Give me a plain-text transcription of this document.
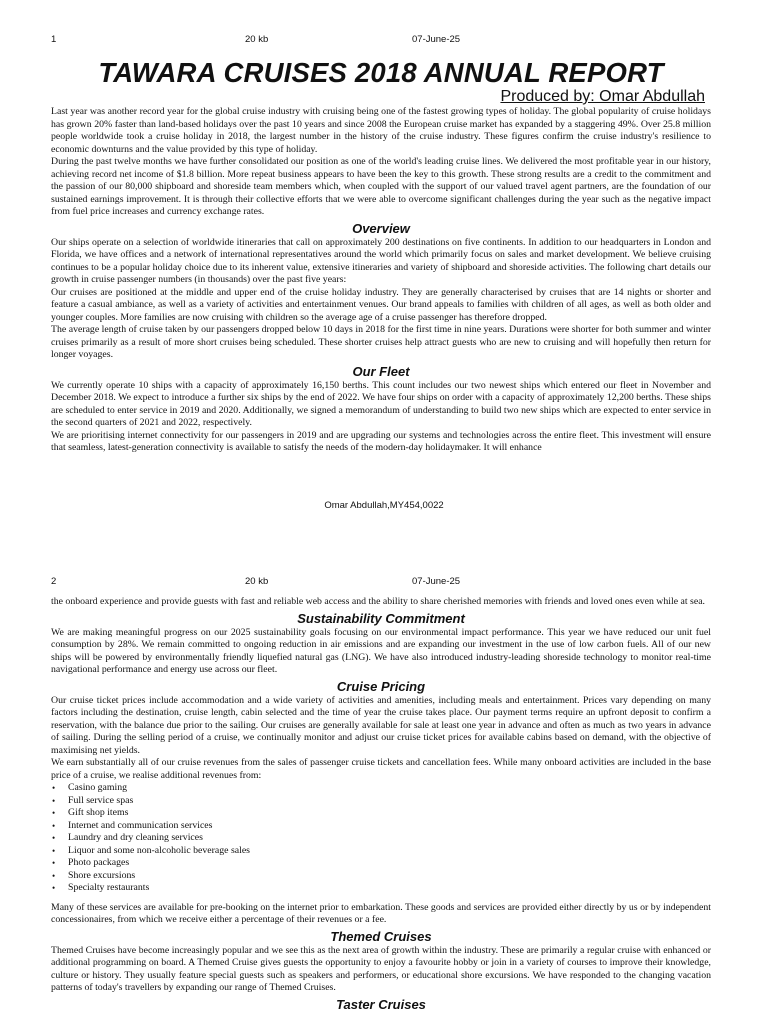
1	20 kb	07-June-25
TAWARA CRUISES 2018 ANNUAL REPORT
Produced by: Omar Abdullah

Last year was another record year for the global cruise industry with cruising being one of the fastest growing types of holiday. The global popularity of cruise holidays has grown 20% faster than land-based holidays over the past 10 years and since 2008 the European cruise market has expanded by a staggering 49%. Over 25.8 million people worldwide took a cruise holiday in 2018, the largest number in the history of the cruise industry. These figures confirm the cruise industry's resilience to economic downturns and the value provided by this type of holiday.

During the past twelve months we have further consolidated our position as one of the world's leading cruise lines. We delivered the most profitable year in our history, achieving record net income of $1.8 billion. More repeat business appears to have been the key to this growth. These strong results are a credit to the commitment and the passion of our 80,000 shipboard and shoreside team members which, when coupled with the support of our valued travel agent partners, are the foundation of our sustained earnings improvement. It is through their collective efforts that we were able to overcome significant challenges during the year such as the negative impact from fuel price increases and currency exchange rates.

Overview

Our ships operate on a selection of worldwide itineraries that call on approximately 200 destinations on five continents. In addition to our headquarters in London and Florida, we have offices and a network of international representatives around the world which primarily focus on sales and market development. We believe cruising continues to be a popular holiday choice due to its inherent value, extensive itineraries and variety of shipboard and shoreside activities. The following chart details our growth in cruise passenger numbers (in thousands) over the past five years:

Our cruises are positioned at the middle and upper end of the cruise holiday industry. They are generally characterised by cruises that are 14 nights or shorter and feature a casual ambiance, as well as a variety of activities and entertainment venues. Our brand appeals to families with children of all ages, as well as both older and younger couples. More families are now cruising with children so the average age of a cruise passenger has therefore dropped.

The average length of cruise taken by our passengers dropped below 10 days in 2018 for the first time in nine years. Durations were shorter for both summer and winter cruises primarily as a result of more short cruises being scheduled. These shorter cruises help attract guests who are new to cruising and will hopefully then return for longer voyages.

Our Fleet

We currently operate 10 ships with a capacity of approximately 16,150 berths. This count includes our two newest ships which entered our fleet in November and December 2018. We expect to introduce a further six ships by the end of 2022. We have four ships on order with a capacity of approximately 12,200 berths. These ships are scheduled to enter service in 2019 and 2020. Additionally, we signed a memorandum of understanding to build two new ships which are expected to enter service in the second quarters of 2021 and 2022, respectively.

We are prioritising internet connectivity for our passengers in 2019 and are upgrading our systems and technologies across the entire fleet. This investment will ensure that seamless, latest-generation connectivity is available to satisfy the needs of the modern-day holidaymaker. It will enhance

Omar Abdullah,MY454,0022
2	20 kb	07-June-25

the onboard experience and provide guests with fast and reliable web access and the ability to share cherished memories with friends and loved ones even while at sea.

Sustainability Commitment

We are making meaningful progress on our 2025 sustainability goals focusing on our environmental impact performance. This year we have reduced our unit fuel consumption by 28%. We remain committed to ongoing reduction in air emissions and are expanding our investment in the use of low carbon fuels. All of our new ships will be powered by environmentally friendly liquefied natural gas (LNG). We have also introduced industry-leading shoreside technology to monitor real-time navigational performance and energy use across our fleet.

Cruise Pricing

Our cruise ticket prices include accommodation and a wide variety of activities and amenities, including meals and entertainment. Prices vary depending on many factors including the destination, cruise length, cabin selected and the time of year the cruise takes place. Our payment terms require an upfront deposit to confirm a reservation, with the balance due prior to the sailing. Our cruises are generally available for sale at least one year in advance and often as much as two years in advance of sailing. During the selling period of a cruise, we continually monitor and adjust our cruise ticket prices for available cabins based on demand, with the objective of maximising net yields.

We earn substantially all of our cruise revenues from the sales of passenger cruise tickets and cancellation fees. While many onboard activities are included in the base price of a cruise, we realise additional revenues from:

• Casino gaming
• Full service spas
• Gift shop items
• Internet and communication services
• Laundry and dry cleaning services
• Liquor and some non-alcoholic beverage sales
• Photo packages
• Shore excursions
• Specialty restaurants

Many of these services are available for pre-booking on the internet prior to embarkation. These goods and services are provided either directly by us or by independent concessionaires, from which we receive either a percentage of their revenues or a fee.

Themed Cruises

Themed Cruises have become increasingly popular and we see this as the next area of growth within the industry. These are primarily a regular cruise with enhanced or additional programming on board. A Themed Cruise gives guests the opportunity to enjoy a favourite hobby or join in a variety of courses to improve their knowledge, culture or history. They usually feature special guests such as speakers and performers, or educational shore excursions. We have responded to the changing vacation patterns of today's travellers by expanding our range of Themed Cruises.

Taster Cruises
